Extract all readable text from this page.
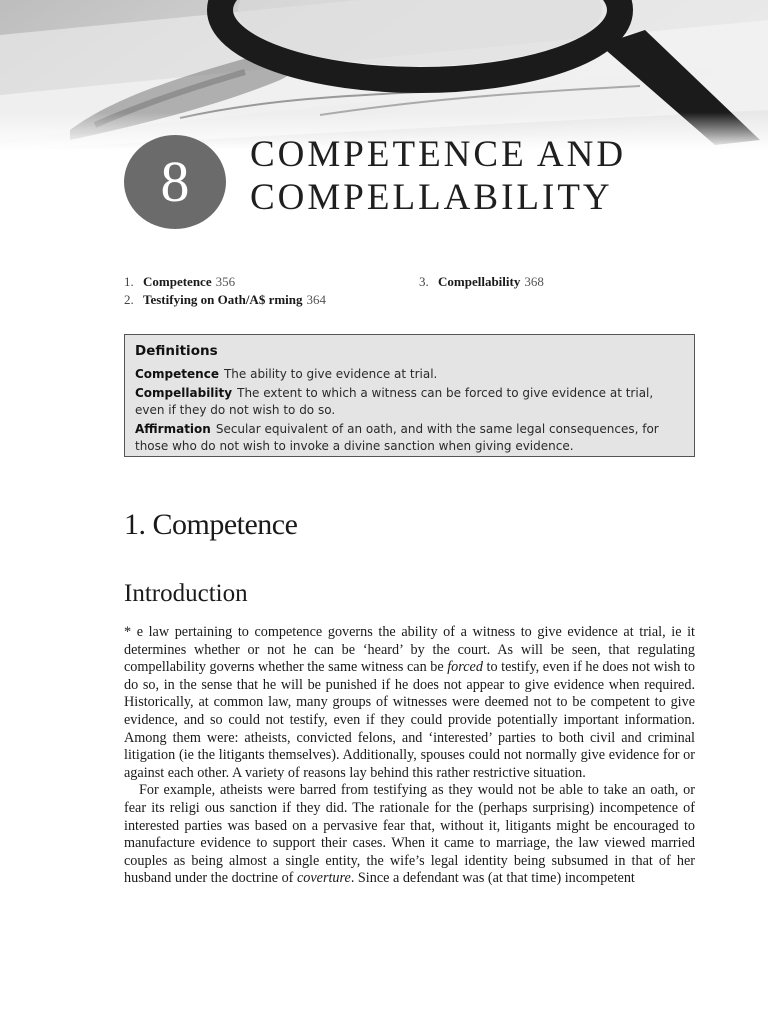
8 COMPETENCE AND
COMPELLABILITY
1. Competence 356
2. Testifying on Oath/A$ rming 364
3. Compellability 368
Definitions
Competence The ability to give evidence at trial.
Compellability The extent to which a witness can be forced to give evidence at trial, even if they do not wish to do so.
Affirmation Secular equivalent of an oath, and with the same legal consequences, for those who do not wish to invoke a divine sanction when giving evidence.
1. Competence
Introduction

* e law pertaining to competence governs the ability of a witness to give evidence at trial, ie it determines whether or not he can be ‘heard’ by the court. As will be seen, that regulating compellability governs whether the same witness can be forced to testify, even if he does not wish to do so, in the sense that he will be punished if he does not appear to give evidence when required. Historically, at common law, many groups of witnesses were deemed not to be competent to give evidence, and so could not testify, even if they could provide potentially important information. Among them were: atheists, convicted felons, and ‘interested’ parties to both civil and criminal litigation (ie the litigants themselves). Additionally, spouses could not normally give evidence for or against each other. A variety of reasons lay behind this rather restrictive situation.

For example, atheists were barred from testifying as they would not be able to take an oath, or fear its religi ous sanction if they did. The rationale for the (perhaps surprising) incompetence of interested parties was based on a pervasive fear that, without it, litigants might be encouraged to manufacture evidence to support their cases. When it came to marriage, the law viewed married couples as being almost a single entity, the wife’s legal identity being subsumed in that of her husband under the doctrine of coverture. Since a defendant was (at that time) incompetent
